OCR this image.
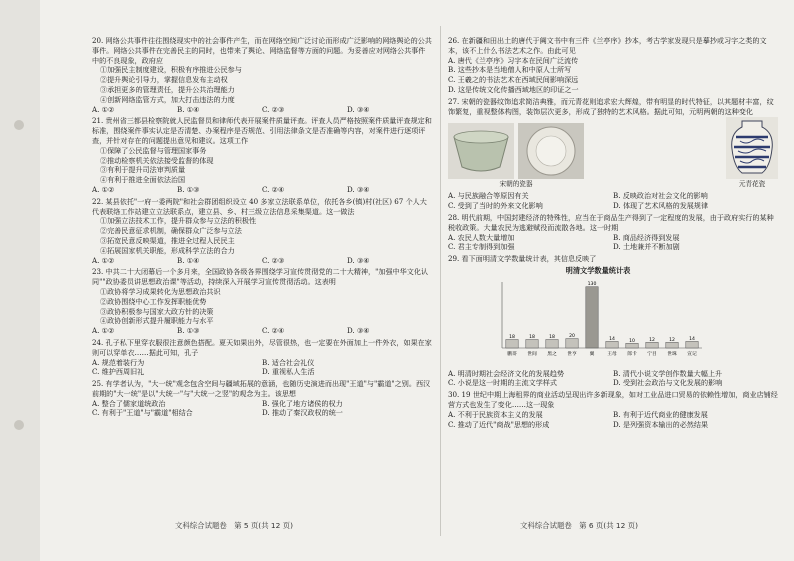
20. 网络公共事件往往围绕现实中的社会事件产生，而在网络空间广泛讨论而形成广泛影响的网络舆论的公共事件。网络公共事件在完善民主的同时，也带来了舆论、网络监督等方面的问题。为妥善应对网络公共事件中的不良现象，政府应
①加强民主制度建设，积极有序推进公民参与
②提升舆论引导力，掌握信息发布主动权
③承担更多的管理责任，提升公共治理能力
④创新网络监管方式，加大打击违法的力度
A. ①②	B. ①④	C. ②③	D. ③④
21. 贵州省三都县检察院就人民监督员和律师代表开展案件质量评查。评查人员严格按照案件质量评查规定和标准，围绕案件事实认定是否清楚、办案程序是否规范、引用法律条文是否准确等内容，对案件进行逐项评查，并针对存在的问题提出意见和建议。这项工作
①保障了公民监督与管理国家事务
②推动检察机关依法接受监督的体现
③有利于提升司法审判质量
④有利于推进全面依法治国
A. ①②	B. ①③	C. ②④	D. ③④
22. 某县依托"一府一委两院"和社会群团组织设立 40 多家立法联系单位，依托各乡(镇)村(社区) 67 个人大代表联络工作站建立立法联系点，建立县、乡、村三级立法信息采集渠道。这一做法
①加强立法技术工作，提升群众参与立法的积极性
②完善民意征求机制，确保群众广泛参与立法
③拓宽民意反映渠道，推进全过程人民民主
④拓展国家机关职能，形成科学立法的合力
A. ①②	B. ①④	C. ②③	D. ③④
23. 中共二十大闭幕后一个多月来，全国政协各级各界围绕学习宣传贯彻党的二十大精神，"加强中华文化认同""政协委员讲思想政治课"等活动，持续深入开展学习宣传贯彻活动。这表明
①政协将学习成果转化为思想政治共识
②政协围绕中心工作发挥职能优势
③政协积极参与国家大政方针的决策
④政协创新形式提升履职能力与水平
A. ①②	B. ①③	C. ②④	D. ③④
24. 孔子私下里穿衣服很注意颜色搭配。夏天如果出外，尽管很热，也一定要在外面加上一件外衣，如果在家则可以穿单衣……据此可知，孔子
A. 规范着装行为	B. 适合社会礼仪
C. 维护西周旧礼	D. 重视私人生活
25. 有学者认为，"大一统"观念包含空间与疆域拓展的意涵，也随历史演进而出现"王道"与"霸道"之别。西汉前期的"大一统"是以"大统一"与"大统一之竖"的观念为主。该思想
A. 整合了儒家道统政治	B. 强化了地方诸侯的权力
C. 有利于"王道"与"霸道"相结合	D. 推动了秦汉政权的统一
文科综合试题卷　第 5 页(共 12 页)
26. 在新疆和田出土的唐代于阗文书中有三件《兰亭序》抄本，考古学家发现只是摹抄或习字之类的文本，该不上什么书法艺术之作。由此可见
A. 唐代《兰亭序》习字本在民间广泛流传
B. 这些抄本是当地僧人和中原人士所写
C. 王羲之的书法艺术在西域民间影响深远
D. 这是传统文化传播西域地区的印证之一
27. 宋朝的瓷器纹饰追求简洁典雅，而元青花则追求宏大辉煌，带有明显的时代特征，以其题材丰富，纹饰繁复，重视整体构图，装饰层次更多，形成了独特的艺术风格。据此可知，元明两朝的这种变化
宋朝的瓷器	元青花瓷
A. 与民族融合等原因有关	B. 反映政治对社会文化的影响
C. 受到了当时的外来文化影响	D. 体现了艺术风格的发展规律
28. 明代前期，中国封建经济的特殊性，应当在于商品生产得到了一定程度的发展，由于政府实行的某种税收政策。大量农民为逃避赋役而流散各地。这一时期
A. 农民人数大量增加	B. 商品经济得到发展
C. 君主专制得到加强	D. 土地兼并不断加剧
29. 看下面明清文学数量统计表，其信息反映了
明清文学数量统计表
18
鹏哥
18
世间
18
黑之
20
世亨
130
翼
14
王母
10
郎卡
12
宁目
12
世珠
14
宣记
A. 明清时期社会经济文化的发展趋势	B. 清代小说文学创作数量大幅上升
C. 小说是这一时期的主流文学样式	D. 受到社会政治与文化发展的影响
30. 19 世纪中期上海租界的商业活动呈现出许多新现象，如对工业品进口贸易的依赖性增加，商业店铺经营方式也发生了变化……这一现象
A. 不利于民族资本主义的发展	B. 有利于近代商业的健康发展
C. 推动了近代"商战"思想的形成	D. 是列强资本输出的必然结果
文科综合试题卷　第 6 页(共 12 页)
